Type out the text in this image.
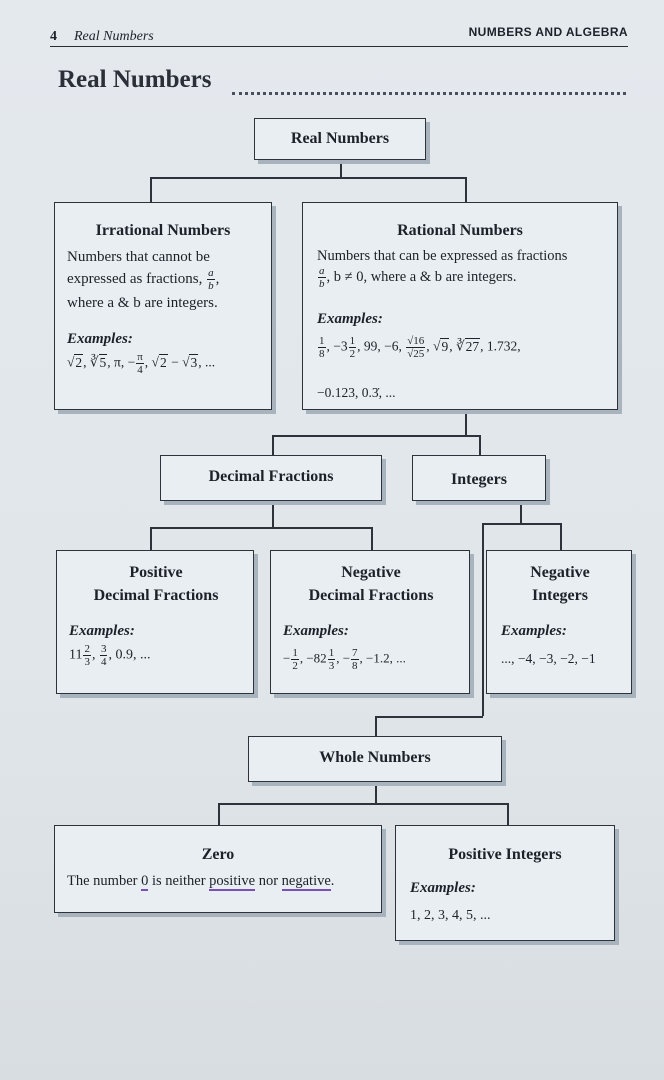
4 Real Numbers	NUMBERS AND ALGEBRA
Real Numbers
Real Numbers
Irrational Numbers
Numbers that cannot be
expressed as fractions, $\frac{a}{b}$ ,
where a & b are integers.
Examples:
√2, ∛5, π, − $\frac{\pi}{4}$ , √2 − √3, ...
Rational Numbers
Numbers that can be expressed as fractions
$\frac{a}{b}$ , b ≠ 0, where a & b are integers.
Examples:
$\frac{1}{8}$ , $-3 \frac{1}{2}$ , 99, −6, $\frac{√16}{√25}$ , √9, ∛27, 1.732,
−0.123, 0.3̇, ...
Decimal Fractions	Integers
Positive
Decimal Fractions
Examples:
$11 \frac{2}{3}$ , $\frac{3}{4}$ , 0.9, ...
Negative
Decimal Fractions
Examples:
− $\frac{1}{2}$ , $-82 \frac{1}{3}$ , − $\frac{7}{8}$ , −1.2, ...
Negative
Integers
Examples:
..., −4, −3, −2, −1
Whole Numbers
Zero
The number 0 is neither positive nor negative.
Positive Integers
Examples:
1, 2, 3, 4, 5, ...
